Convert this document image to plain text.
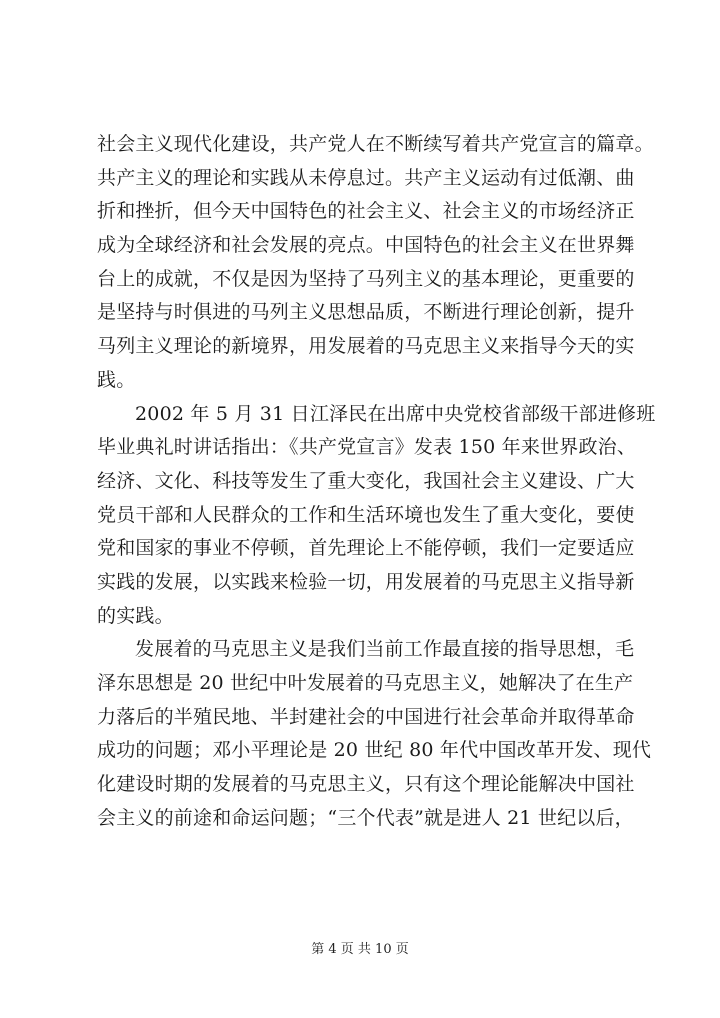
社会主义现代化建设，共产党人在不断续写着共产党宣言的篇章。
共产主义的理论和实践从未停息过。共产主义运动有过低潮、曲
折和挫折，但今天中国特色的社会主义、社会主义的市场经济正
成为全球经济和社会发展的亮点。中国特色的社会主义在世界舞
台上的成就，不仅是因为坚持了马列主义的基本理论，更重要的
是坚持与时俱进的马列主义思想品质，不断进行理论创新，提升
马列主义理论的新境界，用发展着的马克思主义来指导今天的实
践。
2002 年 5 月 31 日江泽民在出席中央党校省部级干部进修班
毕业典礼时讲话指出：《共产党宣言》发表 150 年来世界政治、
经济、文化、科技等发生了重大变化，我国社会主义建设、广大
党员干部和人民群众的工作和生活环境也发生了重大变化，要使
党和国家的事业不停顿，首先理论上不能停顿，我们一定要适应
实践的发展，以实践来检验一切，用发展着的马克思主义指导新
的实践。
发展着的马克思主义是我们当前工作最直接的指导思想，毛
泽东思想是 20 世纪中叶发展着的马克思主义，她解决了在生产
力落后的半殖民地、半封建社会的中国进行社会革命并取得革命
成功的问题；邓小平理论是 20 世纪 80 年代中国改革开发、现代
化建设时期的发展着的马克思主义，只有这个理论能解决中国社
会主义的前途和命运问题；“三个代表”就是进人 21 世纪以后，
第 4 页 共 10 页
